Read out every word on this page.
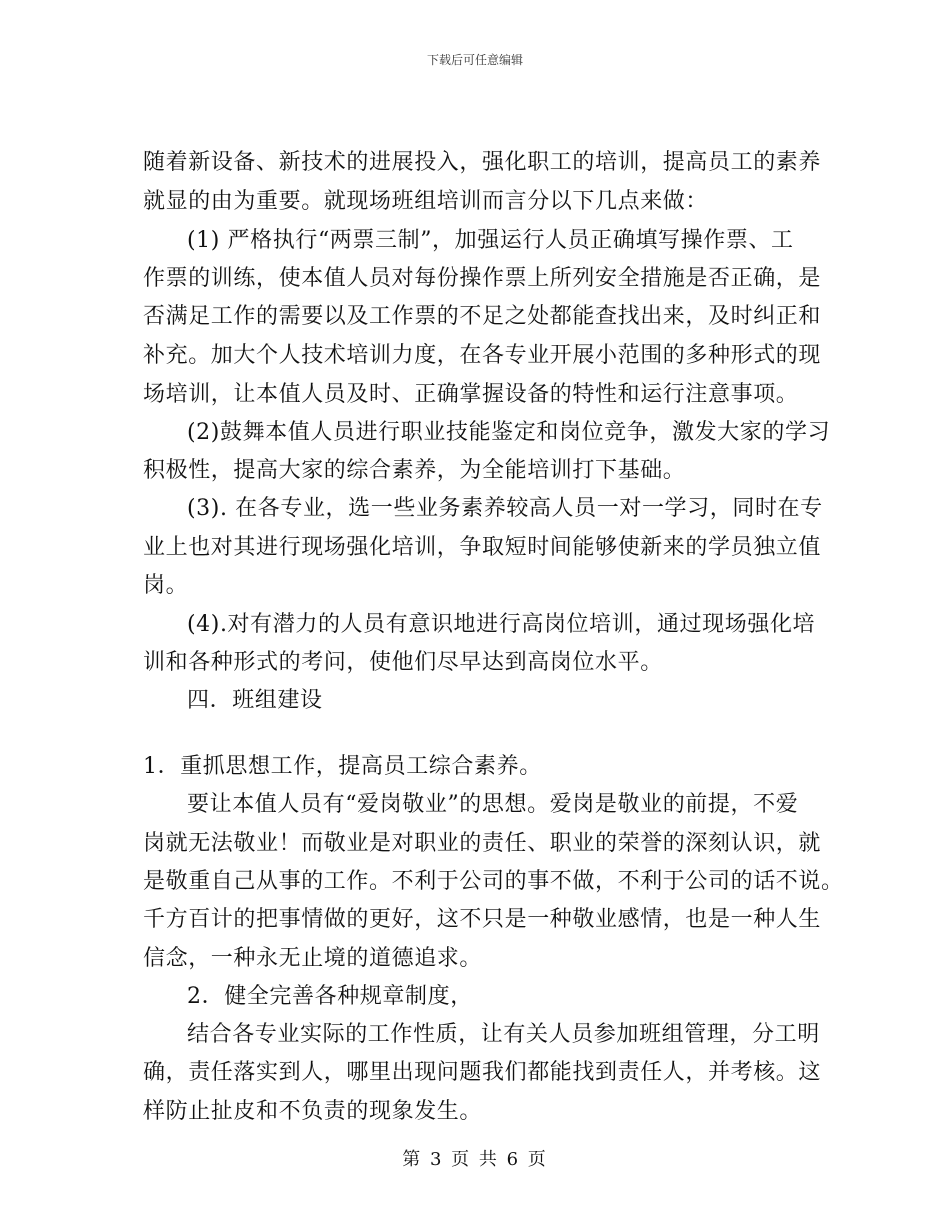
下载后可任意编辑
随着新设备、新技术的进展投入，强化职工的培训，提高员工的素养
就显的由为重要。就现场班组培训而言分以下几点来做：
(1) 严格执行“两票三制”，加强运行人员正确填写操作票、工
作票的训练，使本值人员对每份操作票上所列安全措施是否正确，是
否满足工作的需要以及工作票的不足之处都能查找出来，及时纠正和
补充。加大个人技术培训力度，在各专业开展小范围的多种形式的现
场培训，让本值人员及时、正确掌握设备的特性和运行注意事项。
(2)鼓舞本值人员进行职业技能鉴定和岗位竞争，激发大家的学习
积极性，提高大家的综合素养，为全能培训打下基础。
(3). 在各专业，选一些业务素养较高人员一对一学习，同时在专
业上也对其进行现场强化培训，争取短时间能够使新来的学员独立值
岗。
(4).对有潜力的人员有意识地进行高岗位培训，通过现场强化培
训和各种形式的考问，使他们尽早达到高岗位水平。
四．班组建设
1．重抓思想工作，提高员工综合素养。
要让本值人员有“爱岗敬业”的思想。爱岗是敬业的前提，不爱
岗就无法敬业！而敬业是对职业的责任、职业的荣誉的深刻认识，就
是敬重自己从事的工作。不利于公司的事不做，不利于公司的话不说。
千方百计的把事情做的更好，这不只是一种敬业感情，也是一种人生
信念，一种永无止境的道德追求。
2．健全完善各种规章制度，
结合各专业实际的工作性质，让有关人员参加班组管理，分工明
确，责任落实到人，哪里出现问题我们都能找到责任人，并考核。这
样防止扯皮和不负责的现象发生。
第 3 页 共 6 页
